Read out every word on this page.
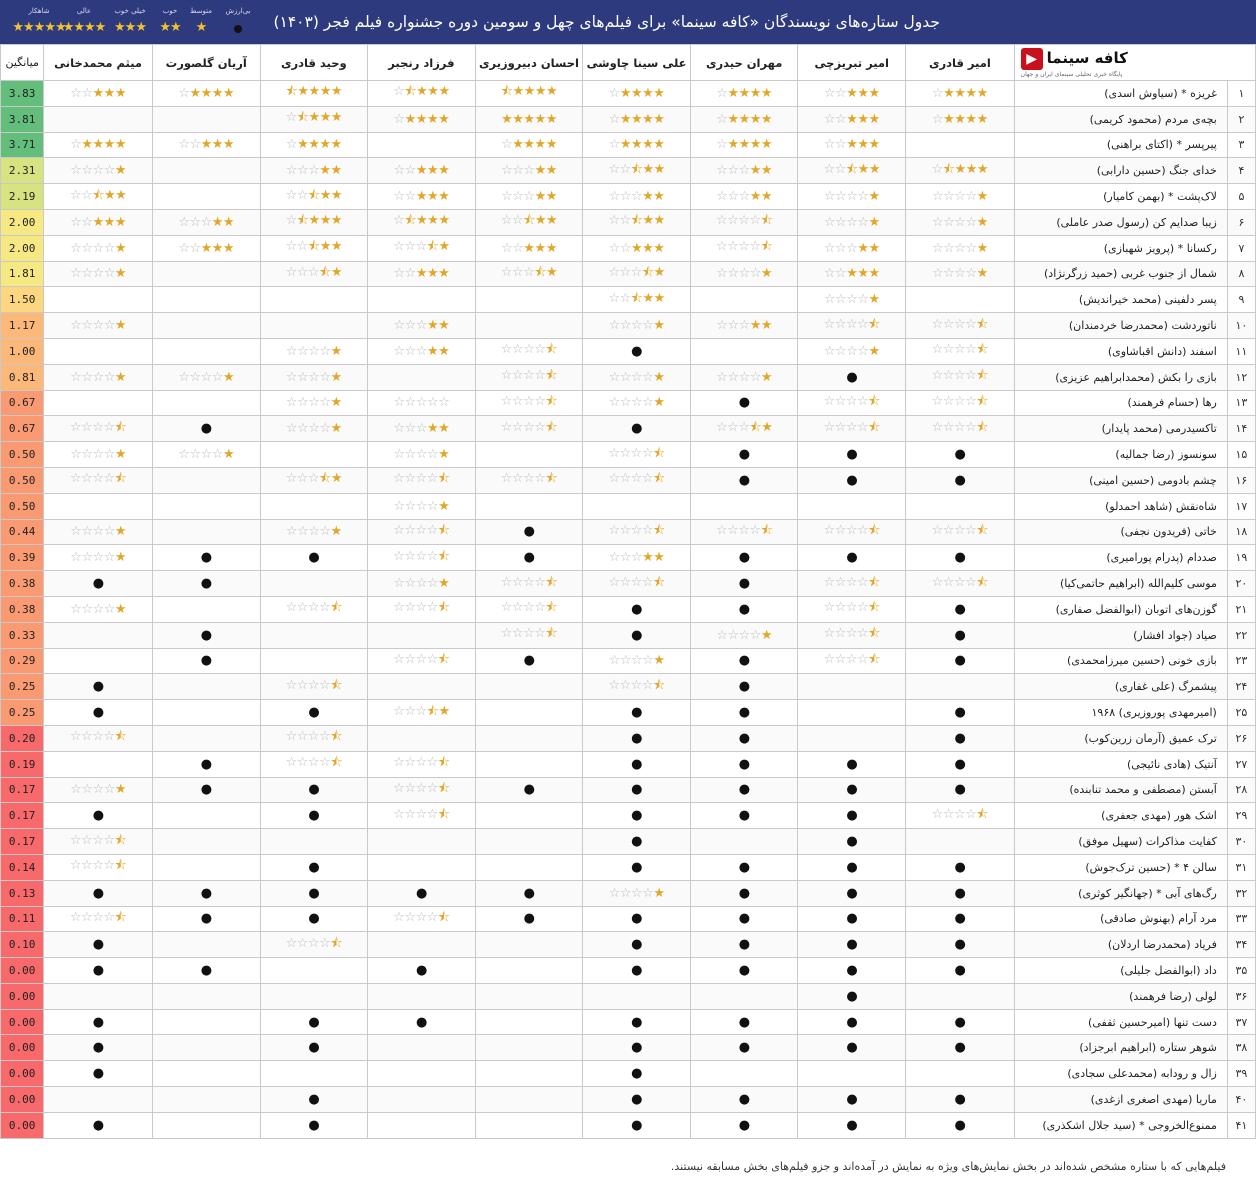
شاهکار
★★★★★
عالی
★★★★
خیلی خوب
★★★
خوب
★★
متوسط
★
بی‌ارزش
جدول ستاره‌های نویسندگان «کافه سینما» برای فیلم‌های چهل و سومین دوره جشنواره فیلم فجر (۱۴۰۳)
▶ کافه سینما
پایگاه خبری تحلیلی سینمای ایران و جهان		امیر قادری	امیر تبریزچی	مهران حیدری	علی سینا چاوشی	احسان دبیروزیری	فرزاد رنجبر	وحید قادری	آریان گلصورت	میثم محمدخانی	میانگین
۱	غریزه * (سیاوش اسدی)	★★★★☆	★★★☆☆	★★★★☆	★★★★☆	★★★★⯪	★★★⯪☆	★★★★⯪	★★★★☆	★★★☆☆	3.83
۲	بچه‌ی مردم (محمود کریمی)	★★★★☆	★★★☆☆	★★★★☆	★★★★☆	★★★★★	★★★★☆	★★★⯪☆			3.81
۳	پیرپسر * (اکتای براهنی)		★★★☆☆	★★★★☆	★★★★☆	★★★★☆		★★★★☆	★★★☆☆	★★★★☆	3.71
۴	خدای جنگ (حسین دارابی)	★★★⯪☆	★★⯪☆☆	★★☆☆☆	★★⯪☆☆	★★☆☆☆	★★★☆☆	★★☆☆☆		★☆☆☆☆	2.31
۵	لاک‌پشت * (بهمن کامیار)	★☆☆☆☆	★☆☆☆☆	★★☆☆☆	★★☆☆☆	★★☆☆☆	★★★☆☆	★★⯪☆☆		★★⯪☆☆	2.19
۶	زیبا صدایم کن (رسول صدر عاملی)	★☆☆☆☆	★☆☆☆☆	⯪☆☆☆☆	★★⯪☆☆	★★⯪☆☆	★★★⯪☆	★★★⯪☆	★★☆☆☆	★★★☆☆	2.00
۷	رکسانا * (پرویز شهبازی)	★☆☆☆☆	★★☆☆☆	⯪☆☆☆☆	★★★☆☆	★★★☆☆	★⯪☆☆☆	★★⯪☆☆	★★★☆☆	★☆☆☆☆	2.00
۸	شمال از جنوب غربی (حمید زرگرنژاد)	★☆☆☆☆	★★★☆☆	★☆☆☆☆	★⯪☆☆☆	★⯪☆☆☆	★★★☆☆	★⯪☆☆☆		★☆☆☆☆	1.81
۹	پسر دلفینی (محمد خیراندیش)		★☆☆☆☆		★★⯪☆☆						1.50
۱۰	ناتوردشت (محمدرضا خردمندان)	⯪☆☆☆☆	⯪☆☆☆☆	★★☆☆☆	★☆☆☆☆		★★☆☆☆			★☆☆☆☆	1.17
۱۱	اسفند (دانش اقباشاوی)	⯪☆☆☆☆	★☆☆☆☆		●	⯪☆☆☆☆	★★☆☆☆	★☆☆☆☆			1.00
۱۲	بازی را بکش (محمدابراهیم عزیزی)	⯪☆☆☆☆	●	★☆☆☆☆	★☆☆☆☆	⯪☆☆☆☆		★☆☆☆☆	★☆☆☆☆	★☆☆☆☆	0.81
۱۳	رها (حسام فرهمند)	⯪☆☆☆☆	⯪☆☆☆☆	●	★☆☆☆☆	⯪☆☆☆☆	☆☆☆☆☆	★☆☆☆☆			0.67
۱۴	تاکسیدرمی (محمد پایدار)	⯪☆☆☆☆	⯪☆☆☆☆	★⯪☆☆☆	●	⯪☆☆☆☆	★★☆☆☆	★☆☆☆☆	●	⯪☆☆☆☆	0.67
۱۵	سونسوز (رضا جمالیه)	●	●	●	⯪☆☆☆☆		★☆☆☆☆		★☆☆☆☆	★☆☆☆☆	0.50
۱۶	چشم بادومی (حسین امینی)	●	●	●	⯪☆☆☆☆	⯪☆☆☆☆	⯪☆☆☆☆	★⯪☆☆☆		⯪☆☆☆☆	0.50
۱۷	شاه‌نقش (شاهد احمدلو)						★☆☆☆☆				0.50
۱۸	خاتی (فریدون نجفی)	⯪☆☆☆☆	⯪☆☆☆☆	⯪☆☆☆☆	⯪☆☆☆☆	●	⯪☆☆☆☆	★☆☆☆☆		★☆☆☆☆	0.44
۱۹	صددام (پدرام پورامیری)	●	●	●	★★☆☆☆	●	⯪☆☆☆☆	●	●	★☆☆☆☆	0.39
۲۰	موسی کلیم‌الله (ابراهیم حاتمی‌کیا)	⯪☆☆☆☆	⯪☆☆☆☆	●	⯪☆☆☆☆	⯪☆☆☆☆	★☆☆☆☆		●	●	0.38
۲۱	گوزن‌های اتوبان (ابوالفضل صفاری)	●	⯪☆☆☆☆	●	●	⯪☆☆☆☆	⯪☆☆☆☆	⯪☆☆☆☆		★☆☆☆☆	0.38
۲۲	صیاد (جواد افشار)	●	⯪☆☆☆☆	★☆☆☆☆	●	⯪☆☆☆☆			●		0.33
۲۳	بازی خونی (حسین میرزامحمدی)	●	⯪☆☆☆☆	●	★☆☆☆☆	●	⯪☆☆☆☆		●		0.29
۲۴	پیشمرگ (علی غفاری)			●	⯪☆☆☆☆			⯪☆☆☆☆		●	0.25
۲۵	(امیرمهدی پوروزیری) ۱۹۶۸	●		●	●		★⯪☆☆☆	●		●	0.25
۲۶	ترک عمیق (آرمان زرین‌کوب)	●		●	●			⯪☆☆☆☆		⯪☆☆☆☆	0.20
۲۷	آنتیک (هادی نائیجی)	●	●	●	●		⯪☆☆☆☆	⯪☆☆☆☆	●		0.19
۲۸	آبستن (مصطفی و محمد تنابنده)	●	●	●	●	●	⯪☆☆☆☆	●	●	★☆☆☆☆	0.17
۲۹	اشک هور (مهدی جعفری)	⯪☆☆☆☆	●	●	●		⯪☆☆☆☆	●		●	0.17
۳۰	کفایت مذاکرات (سهیل موفق)		●		●					⯪☆☆☆☆	0.17
۳۱	سالن ۴ * (حسین ترک‌جوش)	●	●	●	●			●		⯪☆☆☆☆	0.14
۳۲	رگ‌های آبی * (جهانگیر کوثری)	●	●	●	★☆☆☆☆	●	●	●	●	●	0.13
۳۳	مرد آرام (بهنوش صادقی)	●	●	●	●	●	⯪☆☆☆☆	●	●	⯪☆☆☆☆	0.11
۳۴	فریاد (محمدرضا اردلان)	●	●	●	●			⯪☆☆☆☆		●	0.10
۳۵	داد (ابوالفضل جلیلی)	●	●	●	●		●		●	●	0.00
۳۶	لولی (رضا فرهمند)		●								0.00
۳۷	دست تنها (امیرحسین ثقفی)	●	●	●	●		●	●		●	0.00
۳۸	شوهر ستاره (ابراهیم ابرجزاد)	●	●	●	●			●		●	0.00
۳۹	زال و رودابه (محمدعلی سجادی)				●					●	0.00
۴۰	ماریا (مهدی اصغری ازغدی)	●	●	●	●			●			0.00
۴۱	ممنوع‌الخروجی * (سید جلال اشکذری)	●	●	●	●			●		●	0.00
فیلم‌هایی که با ستاره مشخص شده‌اند در بخش نمایش‌های ویژه به نمایش در آمده‌اند و جزو فیلم‌های بخش مسابقه نیستند.
